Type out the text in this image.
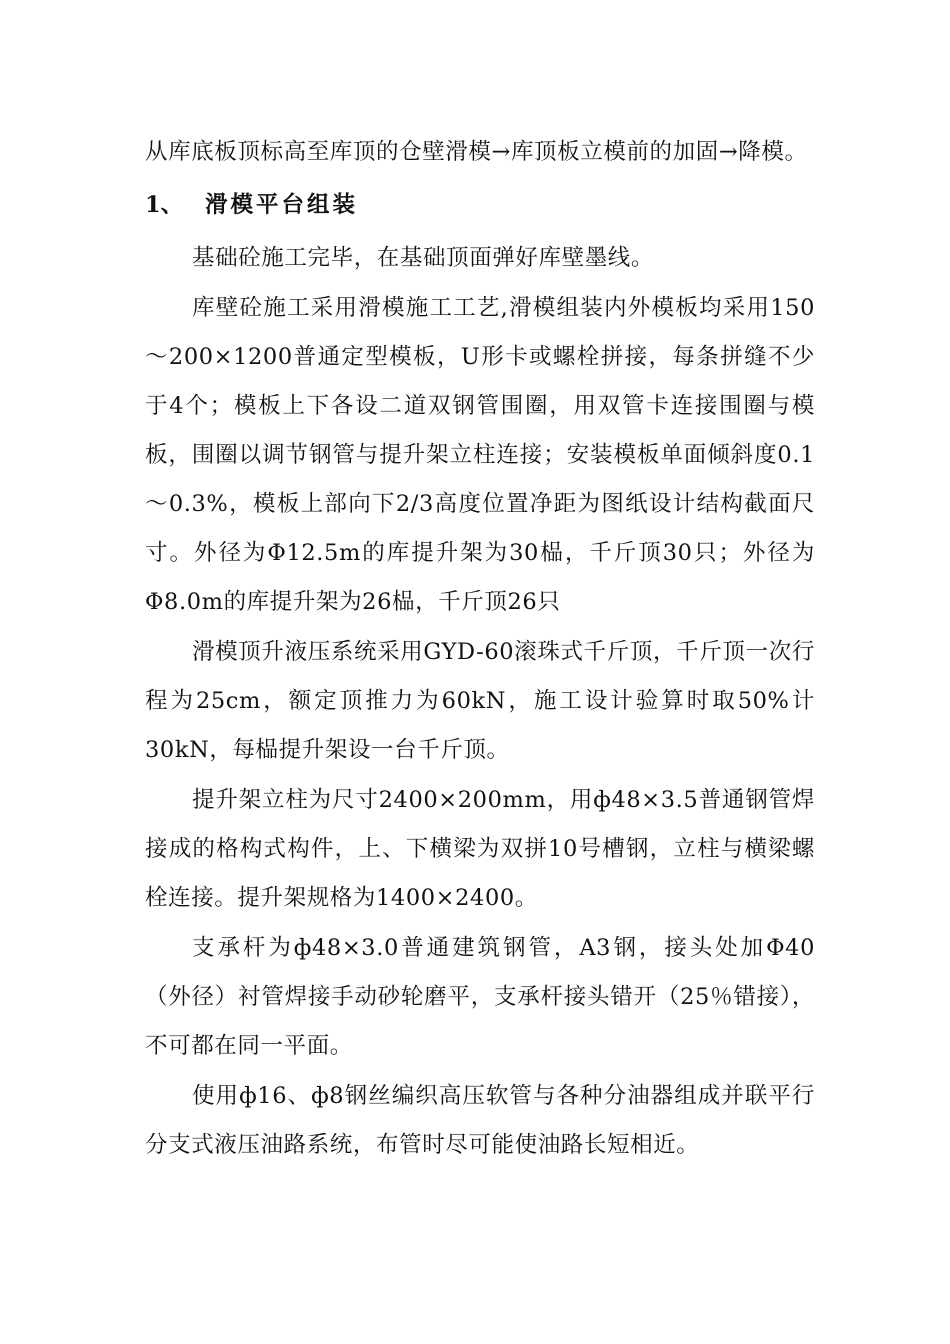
从库底板顶标高至库顶的仓壁滑模→库顶板立模前的加固→降模。

1、 滑模平台组装

基础砼施工完毕，在基础顶面弹好库壁墨线。

库壁砼施工采用滑模施工工艺,滑模组装内外模板均采用150～200×1200普通定型模板，U形卡或螺栓拼接，每条拼缝不少于4个；模板上下各设二道双钢管围圈，用双管卡连接围圈与模板，围圈以调节钢管与提升架立柱连接；安装模板单面倾斜度0.1～0.3%，模板上部向下2/3高度位置净距为图纸设计结构截面尺寸。外径为Φ12.5m的库提升架为30榀，千斤顶30只；外径为Φ8.0m的库提升架为26榀，千斤顶26只

滑模顶升液压系统采用GYD-60滚珠式千斤顶，千斤顶一次行程为25cm，额定顶推力为60kN，施工设计验算时取50%计30kN，每榀提升架设一台千斤顶。

提升架立柱为尺寸2400×200mm，用ф48×3.5普通钢管焊接成的格构式构件，上、下横梁为双拼10号槽钢，立柱与横梁螺栓连接。提升架规格为1400×2400。

支承杆为ф48×3.0普通建筑钢管，A3钢，接头处加Φ40（外径）衬管焊接手动砂轮磨平，支承杆接头错开（25％错接），不可都在同一平面。

使用ф16、ф8钢丝编织高压软管与各种分油器组成并联平行分支式液压油路系统，布管时尽可能使油路长短相近。
